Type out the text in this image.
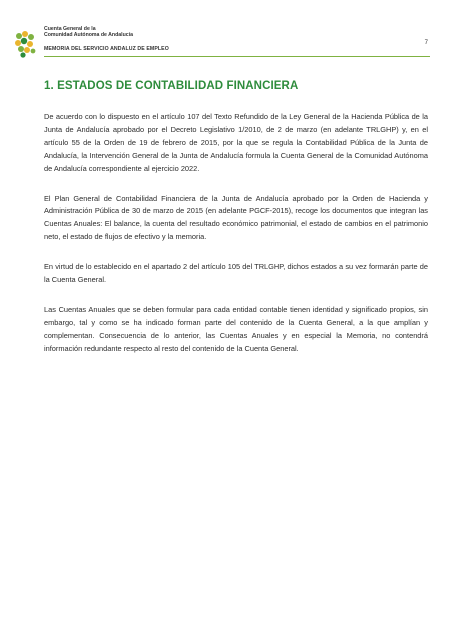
Cuenta General de la
Comunidad Autónoma de Andalucía
MEMORIA DEL SERVICIO ANDALUZ DE EMPLEO
7
1. ESTADOS DE CONTABILIDAD FINANCIERA

De acuerdo con lo dispuesto en el artículo 107 del Texto Refundido de la Ley General de la Hacienda Pública de la Junta de Andalucía aprobado por el Decreto Legislativo 1/2010, de 2 de marzo (en adelante TRLGHP) y, en el artículo 55 de la Orden de 19 de febrero de 2015, por la que se regula la Contabilidad Pública de la Junta de Andalucía, la Intervención General de la Junta de Andalucía formula la Cuenta General de la Comunidad Autónoma de Andalucía correspondiente al ejercicio 2022.

El Plan General de Contabilidad Financiera de la Junta de Andalucía aprobado por la Orden de Hacienda y Administración Pública de 30 de marzo de 2015 (en adelante PGCF-2015), recoge los documentos que integran las Cuentas Anuales: El balance, la cuenta del resultado económico patrimonial, el estado de cambios en el patrimonio neto, el estado de flujos de efectivo y la memoria.

En virtud de lo establecido en el apartado 2 del artículo 105 del TRLGHP, dichos estados a su vez formarán parte de la Cuenta General.

Las Cuentas Anuales que se deben formular para cada entidad contable tienen identidad y significado propios, sin embargo, tal y como se ha indicado forman parte del contenido de la Cuenta General, a la que amplían y complementan. Consecuencia de lo anterior, las Cuentas Anuales y en especial la Memoria, no contendrá información redundante respecto al resto del contenido de la Cuenta General.
